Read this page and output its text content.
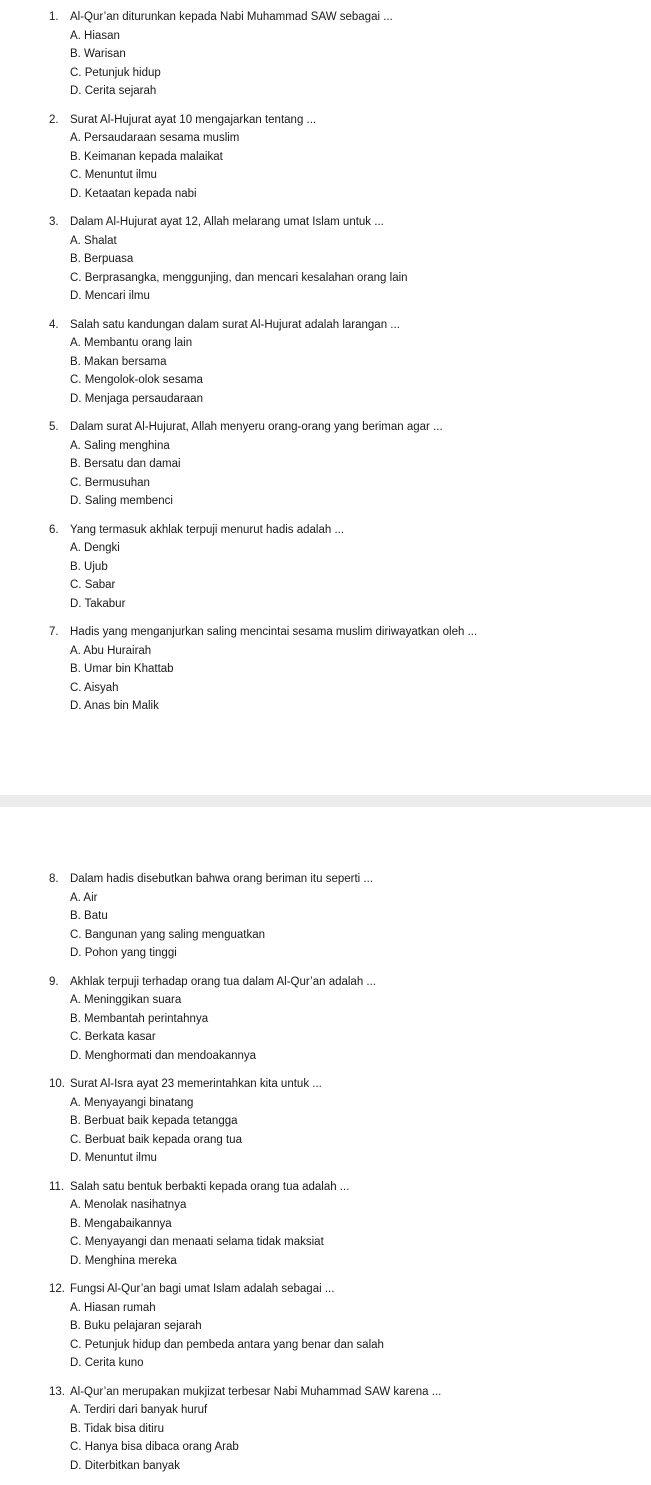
1. Al-Qur’an diturunkan kepada Nabi Muhammad SAW sebagai ...
A. Hiasan
B. Warisan
C. Petunjuk hidup
D. Cerita sejarah
2. Surat Al-Hujurat ayat 10 mengajarkan tentang ...
A. Persaudaraan sesama muslim
B. Keimanan kepada malaikat
C. Menuntut ilmu
D. Ketaatan kepada nabi
3. Dalam Al-Hujurat ayat 12, Allah melarang umat Islam untuk ...
A. Shalat
B. Berpuasa
C. Berprasangka, menggunjing, dan mencari kesalahan orang lain
D. Mencari ilmu
4. Salah satu kandungan dalam surat Al-Hujurat adalah larangan ...
A. Membantu orang lain
B. Makan bersama
C. Mengolok-olok sesama
D. Menjaga persaudaraan
5. Dalam surat Al-Hujurat, Allah menyeru orang-orang yang beriman agar ...
A. Saling menghina
B. Bersatu dan damai
C. Bermusuhan
D. Saling membenci
6. Yang termasuk akhlak terpuji menurut hadis adalah ...
A. Dengki
B. Ujub
C. Sabar
D. Takabur
7. Hadis yang menganjurkan saling mencintai sesama muslim diriwayatkan oleh ...
A. Abu Hurairah
B. Umar bin Khattab
C. Aisyah
D. Anas bin Malik
8. Dalam hadis disebutkan bahwa orang beriman itu seperti ...
A. Air
B. Batu
C. Bangunan yang saling menguatkan
D. Pohon yang tinggi
9. Akhlak terpuji terhadap orang tua dalam Al-Qur’an adalah ...
A. Meninggikan suara
B. Membantah perintahnya
C. Berkata kasar
D. Menghormati dan mendoakannya
10. Surat Al-Isra ayat 23 memerintahkan kita untuk ...
A. Menyayangi binatang
B. Berbuat baik kepada tetangga
C. Berbuat baik kepada orang tua
D. Menuntut ilmu
11. Salah satu bentuk berbakti kepada orang tua adalah ...
A. Menolak nasihatnya
B. Mengabaikannya
C. Menyayangi dan menaati selama tidak maksiat
D. Menghina mereka
12. Fungsi Al-Qur’an bagi umat Islam adalah sebagai ...
A. Hiasan rumah
B. Buku pelajaran sejarah
C. Petunjuk hidup dan pembeda antara yang benar dan salah
D. Cerita kuno
13. Al-Qur’an merupakan mukjizat terbesar Nabi Muhammad SAW karena ...
A. Terdiri dari banyak huruf
B. Tidak bisa ditiru
C. Hanya bisa dibaca orang Arab
D. Diterbitkan banyak
